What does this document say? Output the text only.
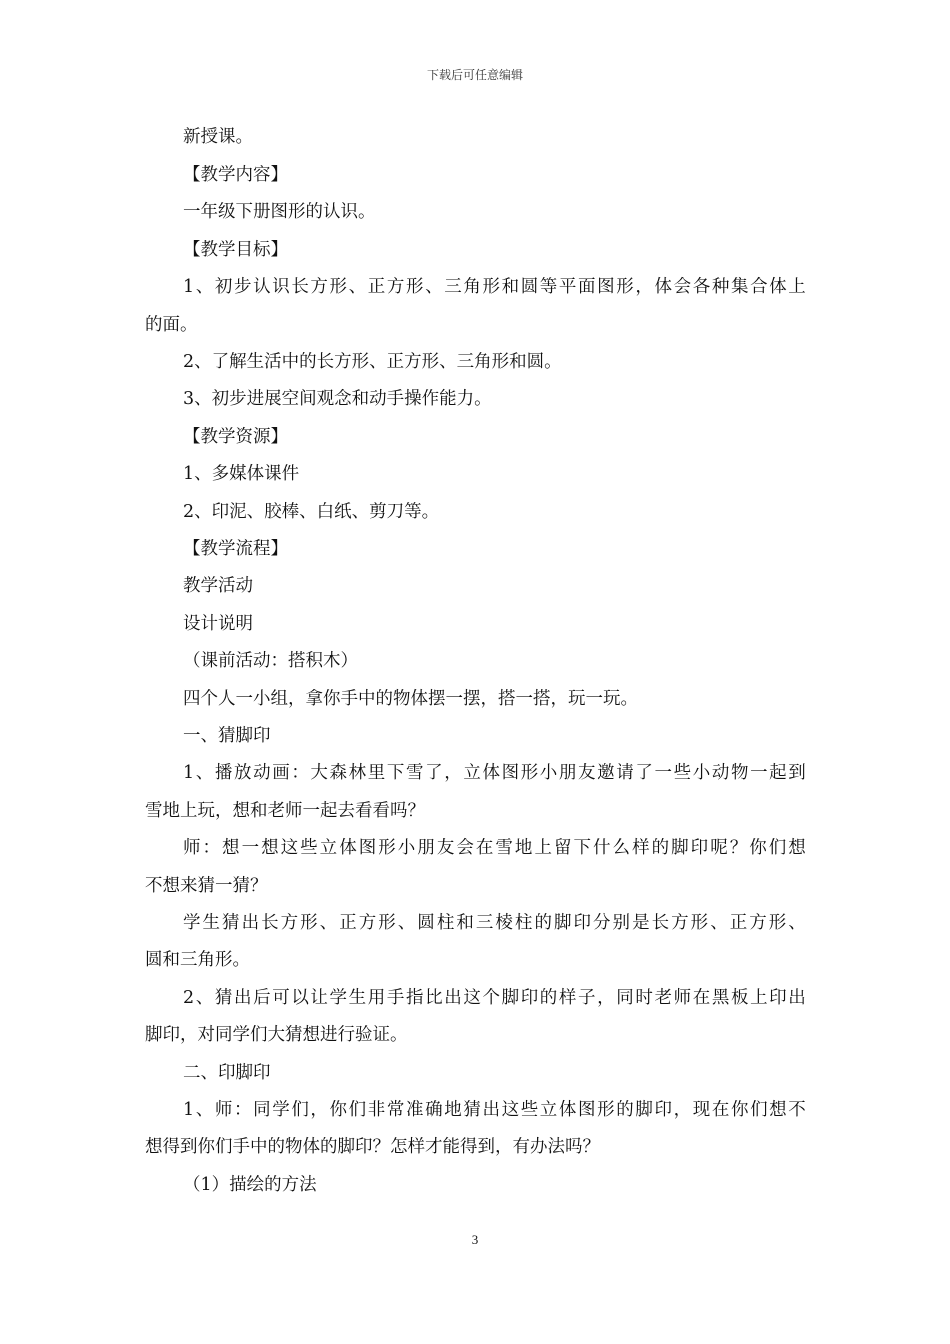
下载后可任意编辑
新授课。
【教学内容】
一年级下册图形的认识。
【教学目标】
1、初步认识长方形、正方形、三角形和圆等平面图形，体会各种集合体上
的面。
2、了解生活中的长方形、正方形、三角形和圆。
3、初步进展空间观念和动手操作能力。
【教学资源】
1、多媒体课件
2、印泥、胶棒、白纸、剪刀等。
【教学流程】
教学活动
设计说明
（课前活动：搭积木）
四个人一小组，拿你手中的物体摆一摆，搭一搭，玩一玩。
一、猜脚印
1、播放动画：大森林里下雪了，立体图形小朋友邀请了一些小动物一起到
雪地上玩，想和老师一起去看看吗？
师：想一想这些立体图形小朋友会在雪地上留下什么样的脚印呢？你们想
不想来猜一猜？
学生猜出长方形、正方形、圆柱和三棱柱的脚印分别是长方形、正方形、
圆和三角形。
2、猜出后可以让学生用手指比出这个脚印的样子，同时老师在黑板上印出
脚印，对同学们大猜想进行验证。
二、印脚印
1、师：同学们，你们非常准确地猜出这些立体图形的脚印，现在你们想不
想得到你们手中的物体的脚印？怎样才能得到，有办法吗？
（1）描绘的方法
3
